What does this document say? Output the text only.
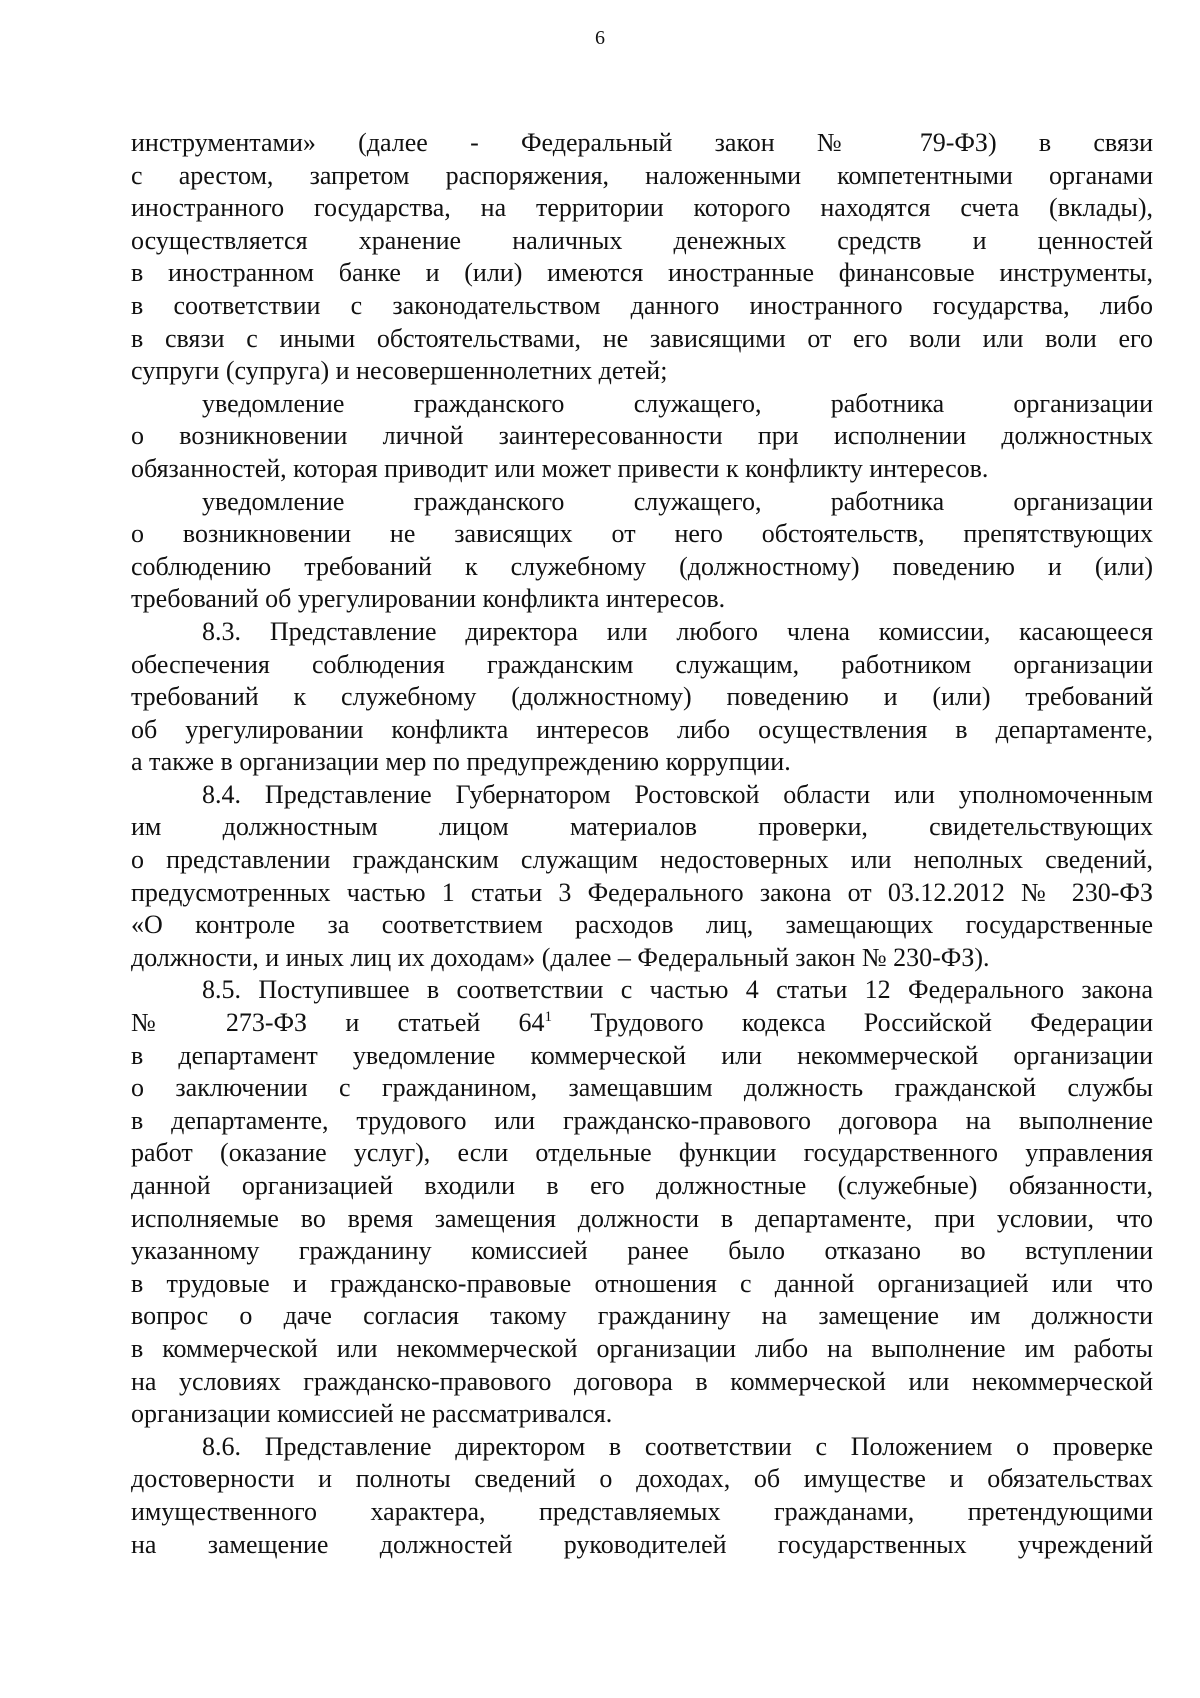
6
инструментами» (далее - Федеральный закон № 79-ФЗ) в связи
с арестом, запретом распоряжения, наложенными компетентными органами
иностранного государства, на территории которого находятся счета (вклады),
осуществляется хранение наличных денежных средств и ценностей
в иностранном банке и (или) имеются иностранные финансовые инструменты,
в соответствии с законодательством данного иностранного государства, либо
в связи с иными обстоятельствами, не зависящими от его воли или воли его
супруги (супруга) и несовершеннолетних детей;
уведомление гражданского служащего, работника организации
о возникновении личной заинтересованности при исполнении должностных
обязанностей, которая приводит или может привести к конфликту интересов.
уведомление гражданского служащего, работника организации
о возникновении не зависящих от него обстоятельств, препятствующих
соблюдению требований к служебному (должностному) поведению и (или)
требований об урегулировании конфликта интересов.
8.3. Представление директора или любого члена комиссии, касающееся
обеспечения соблюдения гражданским служащим, работником организации
требований к служебному (должностному) поведению и (или) требований
об урегулировании конфликта интересов либо осуществления в департаменте,
а также в организации мер по предупреждению коррупции.
8.4. Представление Губернатором Ростовской области или уполномоченным
им должностным лицом материалов проверки, свидетельствующих
о представлении гражданским служащим недостоверных или неполных сведений,
предусмотренных частью 1 статьи 3 Федерального закона от 03.12.2012 № 230-ФЗ
«О контроле за соответствием расходов лиц, замещающих государственные
должности, и иных лиц их доходам» (далее – Федеральный закон № 230-ФЗ).
8.5. Поступившее в соответствии с частью 4 статьи 12 Федерального закона
№ 273-ФЗ и статьей $64^1$ Трудового кодекса Российской Федерации
в департамент уведомление коммерческой или некоммерческой организации
о заключении с гражданином, замещавшим должность гражданской службы
в департаменте, трудового или гражданско-правового договора на выполнение
работ (оказание услуг), если отдельные функции государственного управления
данной организацией входили в его должностные (служебные) обязанности,
исполняемые во время замещения должности в департаменте, при условии, что
указанному гражданину комиссией ранее было отказано во вступлении
в трудовые и гражданско-правовые отношения с данной организацией или что
вопрос о даче согласия такому гражданину на замещение им должности
в коммерческой или некоммерческой организации либо на выполнение им работы
на условиях гражданско-правового договора в коммерческой или некоммерческой
организации комиссией не рассматривался.
8.6. Представление директором в соответствии с Положением о проверке
достоверности и полноты сведений о доходах, об имуществе и обязательствах
имущественного характера, представляемых гражданами, претендующими
на замещение должностей руководителей государственных учреждений
